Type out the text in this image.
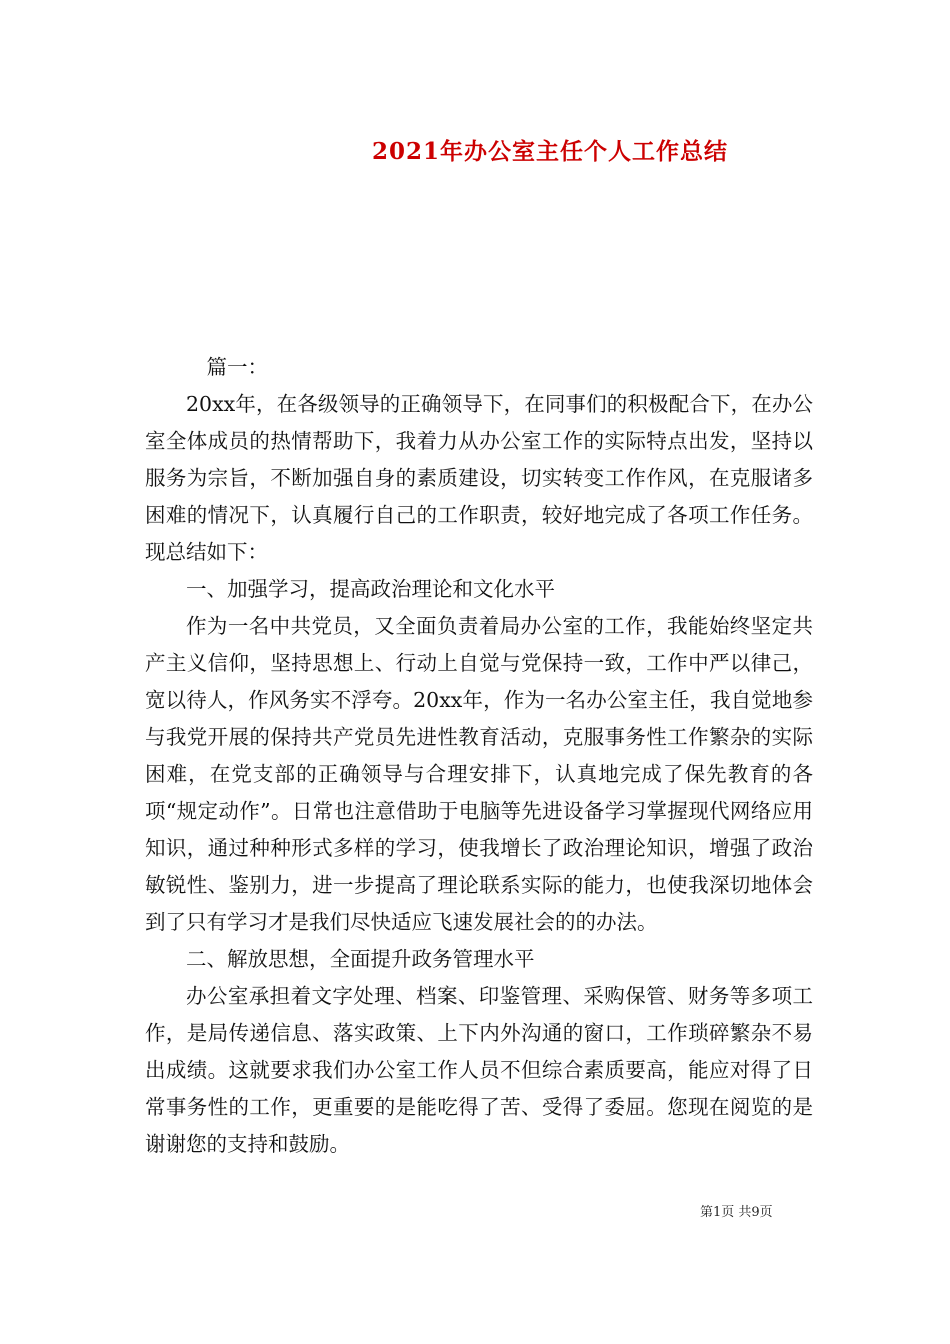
2021年办公室主任个人工作总结

篇一：

20xx年，在各级领导的正确领导下，在同事们的积极配合下，在办公室全体成员的热情帮助下，我着力从办公室工作的实际特点出发，坚持以服务为宗旨，不断加强自身的素质建设，切实转变工作作风，在克服诸多困难的情况下，认真履行自己的工作职责，较好地完成了各项工作任务。现总结如下：

一、加强学习，提高政治理论和文化水平

作为一名中共党员，又全面负责着局办公室的工作，我能始终坚定共产主义信仰，坚持思想上、行动上自觉与党保持一致，工作中严以律己，宽以待人，作风务实不浮夸。20xx年，作为一名办公室主任，我自觉地参与我党开展的保持共产党员先进性教育活动，克服事务性工作繁杂的实际困难，在党支部的正确领导与合理安排下，认真地完成了保先教育的各项“规定动作”。日常也注意借助于电脑等先进设备学习掌握现代网络应用知识，通过种种形式多样的学习，使我增长了政治理论知识，增强了政治敏锐性、鉴别力，进一步提高了理论联系实际的能力，也使我深切地体会到了只有学习才是我们尽快适应飞速发展社会的的办法。

二、解放思想，全面提升政务管理水平

办公室承担着文字处理、档案、印鉴管理、采购保管、财务等多项工作，是局传递信息、落实政策、上下内外沟通的窗口，工作琐碎繁杂不易出成绩。这就要求我们办公室工作人员不但综合素质要高，能应对得了日常事务性的工作，更重要的是能吃得了苦、受得了委屈。您现在阅览的是谢谢您的支持和鼓励。

第1页 共9页
